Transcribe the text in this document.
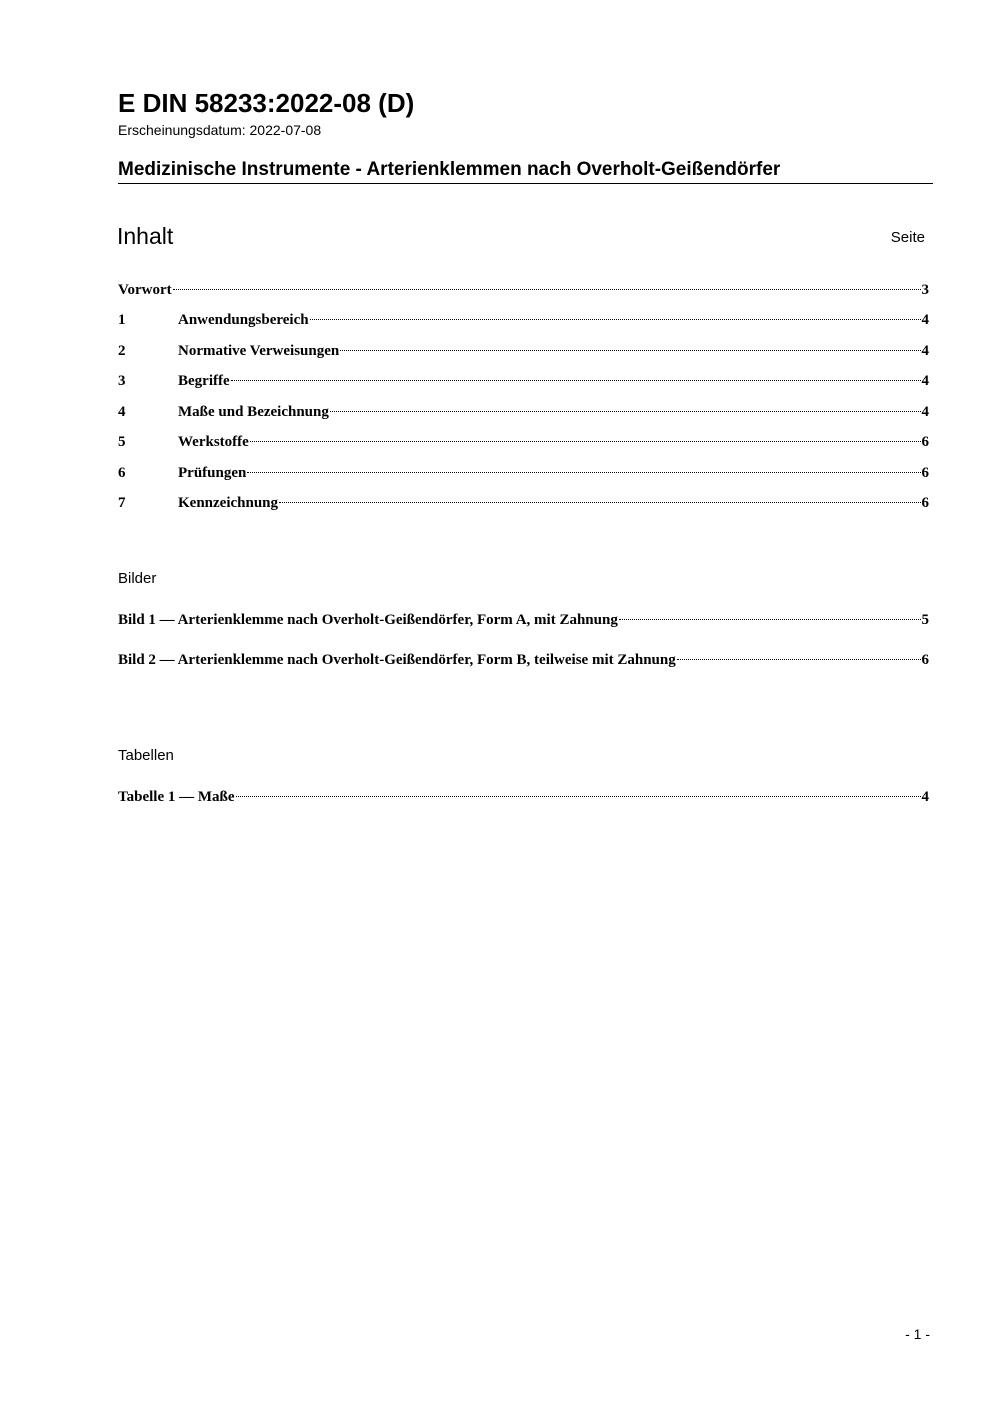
E DIN 58233:2022-08 (D)
Erscheinungsdatum: 2022-07-08
Medizinische Instrumente - Arterienklemmen nach Overholt-Geißendörfer
Inhalt	Seite
Vorwort	3
1	Anwendungsbereich	4
2	Normative Verweisungen	4
3	Begriffe	4
4	Maße und Bezeichnung	4
5	Werkstoffe	6
6	Prüfungen	6
7	Kennzeichnung	6
Bilder
Bild 1 — Arterienklemme nach Overholt-Geißendörfer, Form A, mit Zahnung	5
Bild 2 — Arterienklemme nach Overholt-Geißendörfer, Form B, teilweise mit Zahnung	6
Tabellen
Tabelle 1 — Maße	4
- 1 -
